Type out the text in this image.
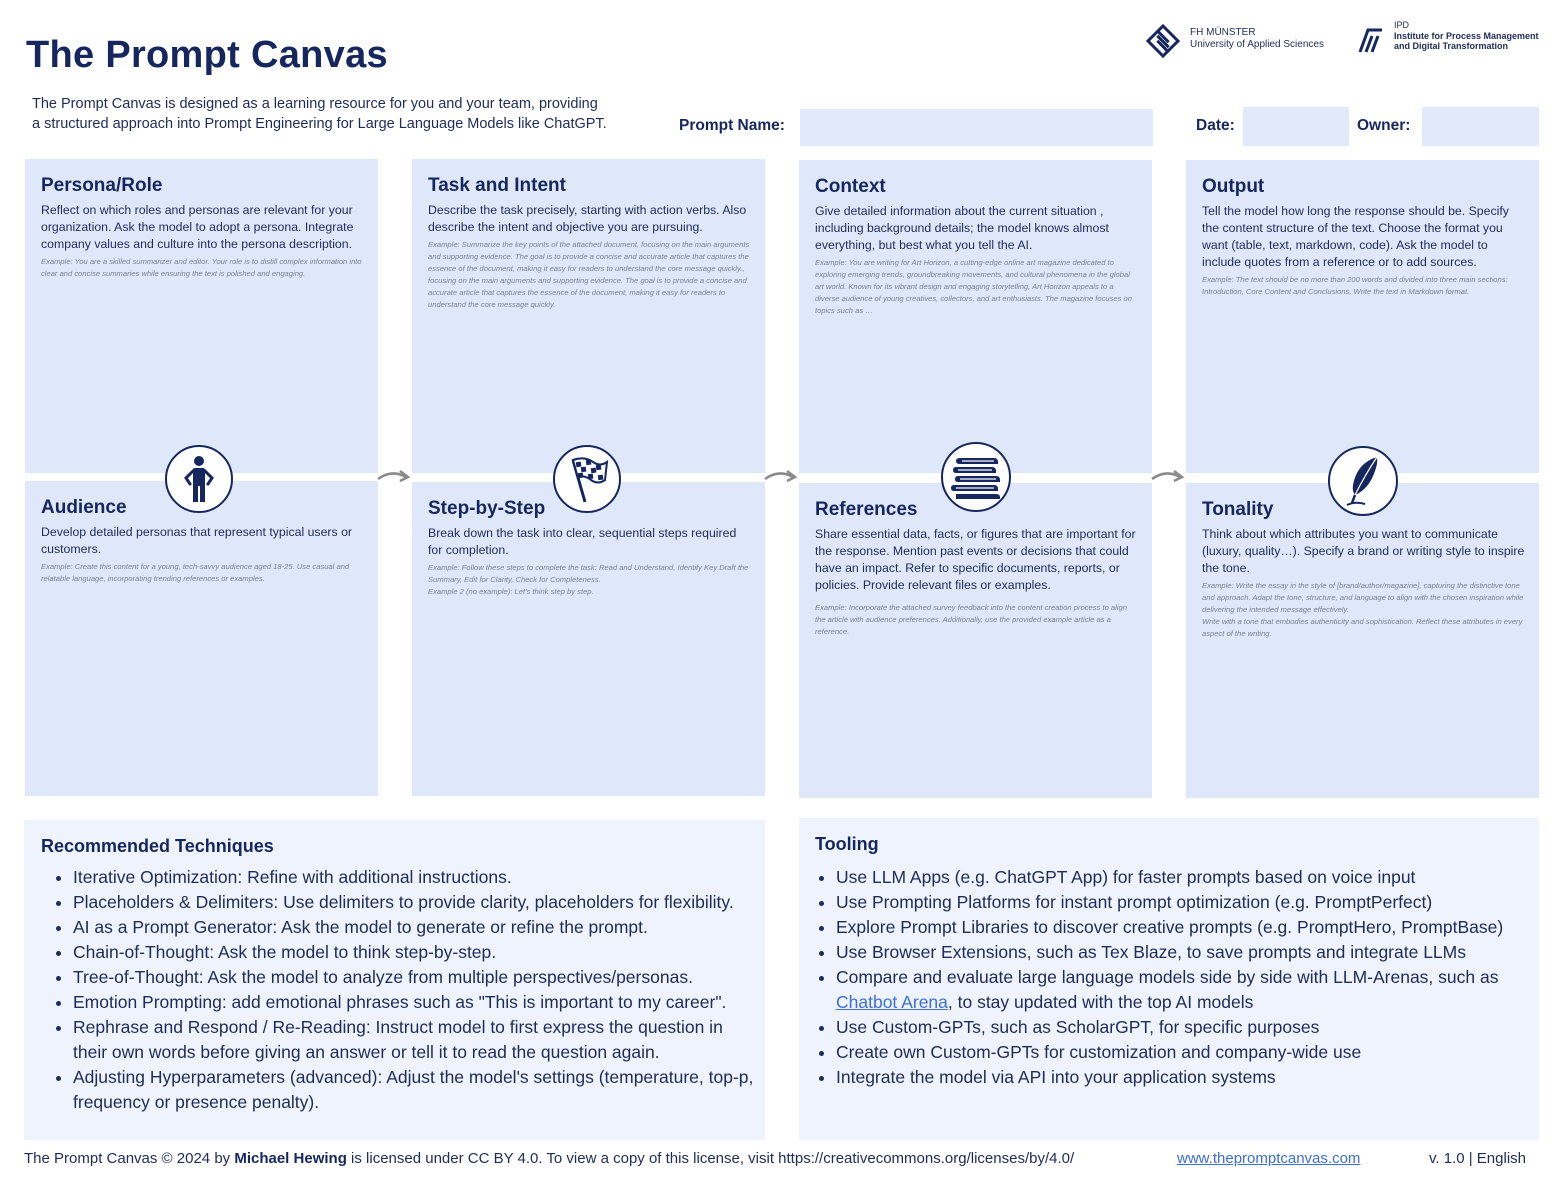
The Prompt Canvas
The Prompt Canvas is designed as a learning resource for you and your team, providing
a structured approach into Prompt Engineering for Large Language Models like ChatGPT.
FH MÜNSTER
University of Applied Sciences
IPD
Institute for Process Management
and Digital Transformation
Prompt Name:	Date:	Owner:
Persona/Role

Reflect on which roles and personas are relevant for your organization. Ask the model to adopt a persona. Integrate company values and culture into the persona description.

Example: You are a skilled summarizer and editor. Your role is to distill complex information into clear and concise summaries while ensuring the text is polished and engaging.

Task and Intent

Describe the task precisely, starting with action verbs. Also describe the intent and objective you are pursuing.

Example: Summarize the key points of the attached document, focusing on the main arguments and supporting evidence. The goal is to provide a concise and accurate article that captures the essence of the document, making it easy for readers to understand the core message quickly., focusing on the main arguments and supporting evidence. The goal is to provide a concise and accurate article that captures the essence of the document, making it easy for readers to understand the core message quickly.

Context

Give detailed information about the current situation , including background details; the model knows almost everything, but best what you tell the AI.

Example: You are writing for Art Horizon, a cutting-edge online art magazine dedicated to exploring emerging trends, groundbreaking movements, and cultural phenomena in the global art world. Known for its vibrant design and engaging storytelling, Art Horizon appeals to a diverse audience of young creatives, collectors, and art enthusiasts. The magazine focuses on topics such as …

Output

Tell the model how long the response should be. Specify the content structure of the text. Choose the format you want (table, text, markdown, code). Ask the model to include quotes from a reference or to add sources.

Example: The text should be no more than 200 words and divided into three main sections: Introduction, Core Content and Conclusions. Write the text in Markdown format.

Audience

Develop detailed personas that represent typical users or customers.

Example: Create this content for a young, tech-savvy audience aged 18-25. Use casual and relatable language, incorporating trending references or examples.

Step-by-Step

Break down the task into clear, sequential steps required for completion.

Example: Follow these steps to complete the task: Read and Understand, Identify Key Draft the Summary, Edit for Clarity, Check for Completeness.

Example 2 (no example): Let's think step by step.

References

Share essential data, facts, or figures that are important for the response. Mention past events or decisions that could have an impact. Refer to specific documents, reports, or policies. Provide relevant files or examples.

Example: Incorporate the attached survey feedback into the content creation process to align the article with audience preferences. Additionally, use the provided example article as a reference.

Tonality

Think about which attributes you want to communicate (luxury, quality…). Specify a brand or writing style to inspire the tone.

Example: Write the essay in the style of [brand/author/magazine], capturing the distinctive tone and approach. Adapt the tone, structure, and language to align with the chosen inspiration while delivering the intended message effectively.

Write with a tone that embodies authenticity and sophistication. Reflect these attributes in every aspect of the writing.

Recommended Techniques
• Iterative Optimization: Refine with additional instructions.
• Placeholders & Delimiters: Use delimiters to provide clarity, placeholders for flexibility.
• AI as a Prompt Generator: Ask the model to generate or refine the prompt.
• Chain-of-Thought: Ask the model to think step-by-step.
• Tree-of-Thought: Ask the model to analyze from multiple perspectives/personas.
• Emotion Prompting: add emotional phrases such as "This is important to my career".
• Rephrase and Respond / Re-Reading: Instruct model to first express the question in their own words before giving an answer or tell it to read the question again.
• Adjusting Hyperparameters (advanced): Adjust the model's settings (temperature, top-p, frequency or presence penalty).
Tooling
• Use LLM Apps (e.g. ChatGPT App) for faster prompts based on voice input
• Use Prompting Platforms for instant prompt optimization (e.g. PromptPerfect)
• Explore Prompt Libraries to discover creative prompts (e.g. PromptHero, PromptBase)
• Use Browser Extensions, such as Tex Blaze, to save prompts and integrate LLMs
• Compare and evaluate large language models side by side with LLM-Arenas, such as Chatbot Arena, to stay updated with the top AI models
• Use Custom-GPTs, such as ScholarGPT, for specific purposes
• Create own Custom-GPTs for customization and company-wide use
• Integrate the model via API into your application systems
The Prompt Canvas © 2024 by Michael Hewing is licensed under CC BY 4.0. To view a copy of this license, visit https://creativecommons.org/licenses/by/4.0/	www.thepromptcanvas.com	v. 1.0 | English
